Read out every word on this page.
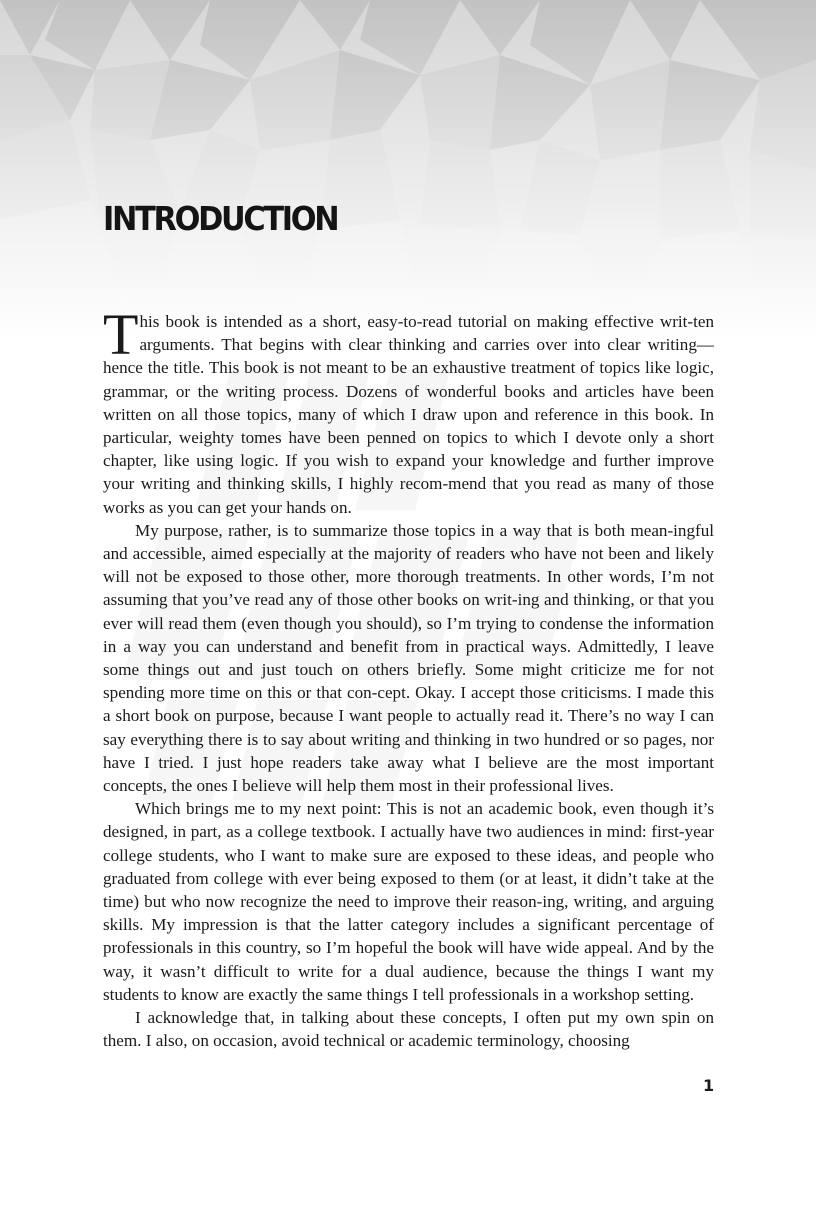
INTRODUCTION

This book is intended as a short, easy-to-read tutorial on making effective writ-ten arguments. That begins with clear thinking and carries over into clear writing—hence the title. This book is not meant to be an exhaustive treatment of topics like logic, grammar, or the writing process. Dozens of wonderful books and articles have been written on all those topics, many of which I draw upon and reference in this book. In particular, weighty tomes have been penned on topics to which I devote only a short chapter, like using logic. If you wish to expand your knowledge and further improve your writing and thinking skills, I highly recom-mend that you read as many of those works as you can get your hands on.

My purpose, rather, is to summarize those topics in a way that is both mean-ingful and accessible, aimed especially at the majority of readers who have not been and likely will not be exposed to those other, more thorough treatments. In other words, I’m not assuming that you’ve read any of those other books on writ-ing and thinking, or that you ever will read them (even though you should), so I’m trying to condense the information in a way you can understand and benefit from in practical ways. Admittedly, I leave some things out and just touch on others briefly. Some might criticize me for not spending more time on this or that con-cept. Okay. I accept those criticisms. I made this a short book on purpose, because I want people to actually read it. There’s no way I can say everything there is to say about writing and thinking in two hundred or so pages, nor have I tried. I just hope readers take away what I believe are the most important concepts, the ones I believe will help them most in their professional lives.

Which brings me to my next point: This is not an academic book, even though it’s designed, in part, as a college textbook. I actually have two audiences in mind: first-year college students, who I want to make sure are exposed to these ideas, and people who graduated from college with ever being exposed to them (or at least, it didn’t take at the time) but who now recognize the need to improve their reason-ing, writing, and arguing skills. My impression is that the latter category includes a significant percentage of professionals in this country, so I’m hopeful the book will have wide appeal. And by the way, it wasn’t difficult to write for a dual audience, because the things I want my students to know are exactly the same things I tell professionals in a workshop setting.

I acknowledge that, in talking about these concepts, I often put my own spin on them. I also, on occasion, avoid technical or academic terminology, choosing

1
